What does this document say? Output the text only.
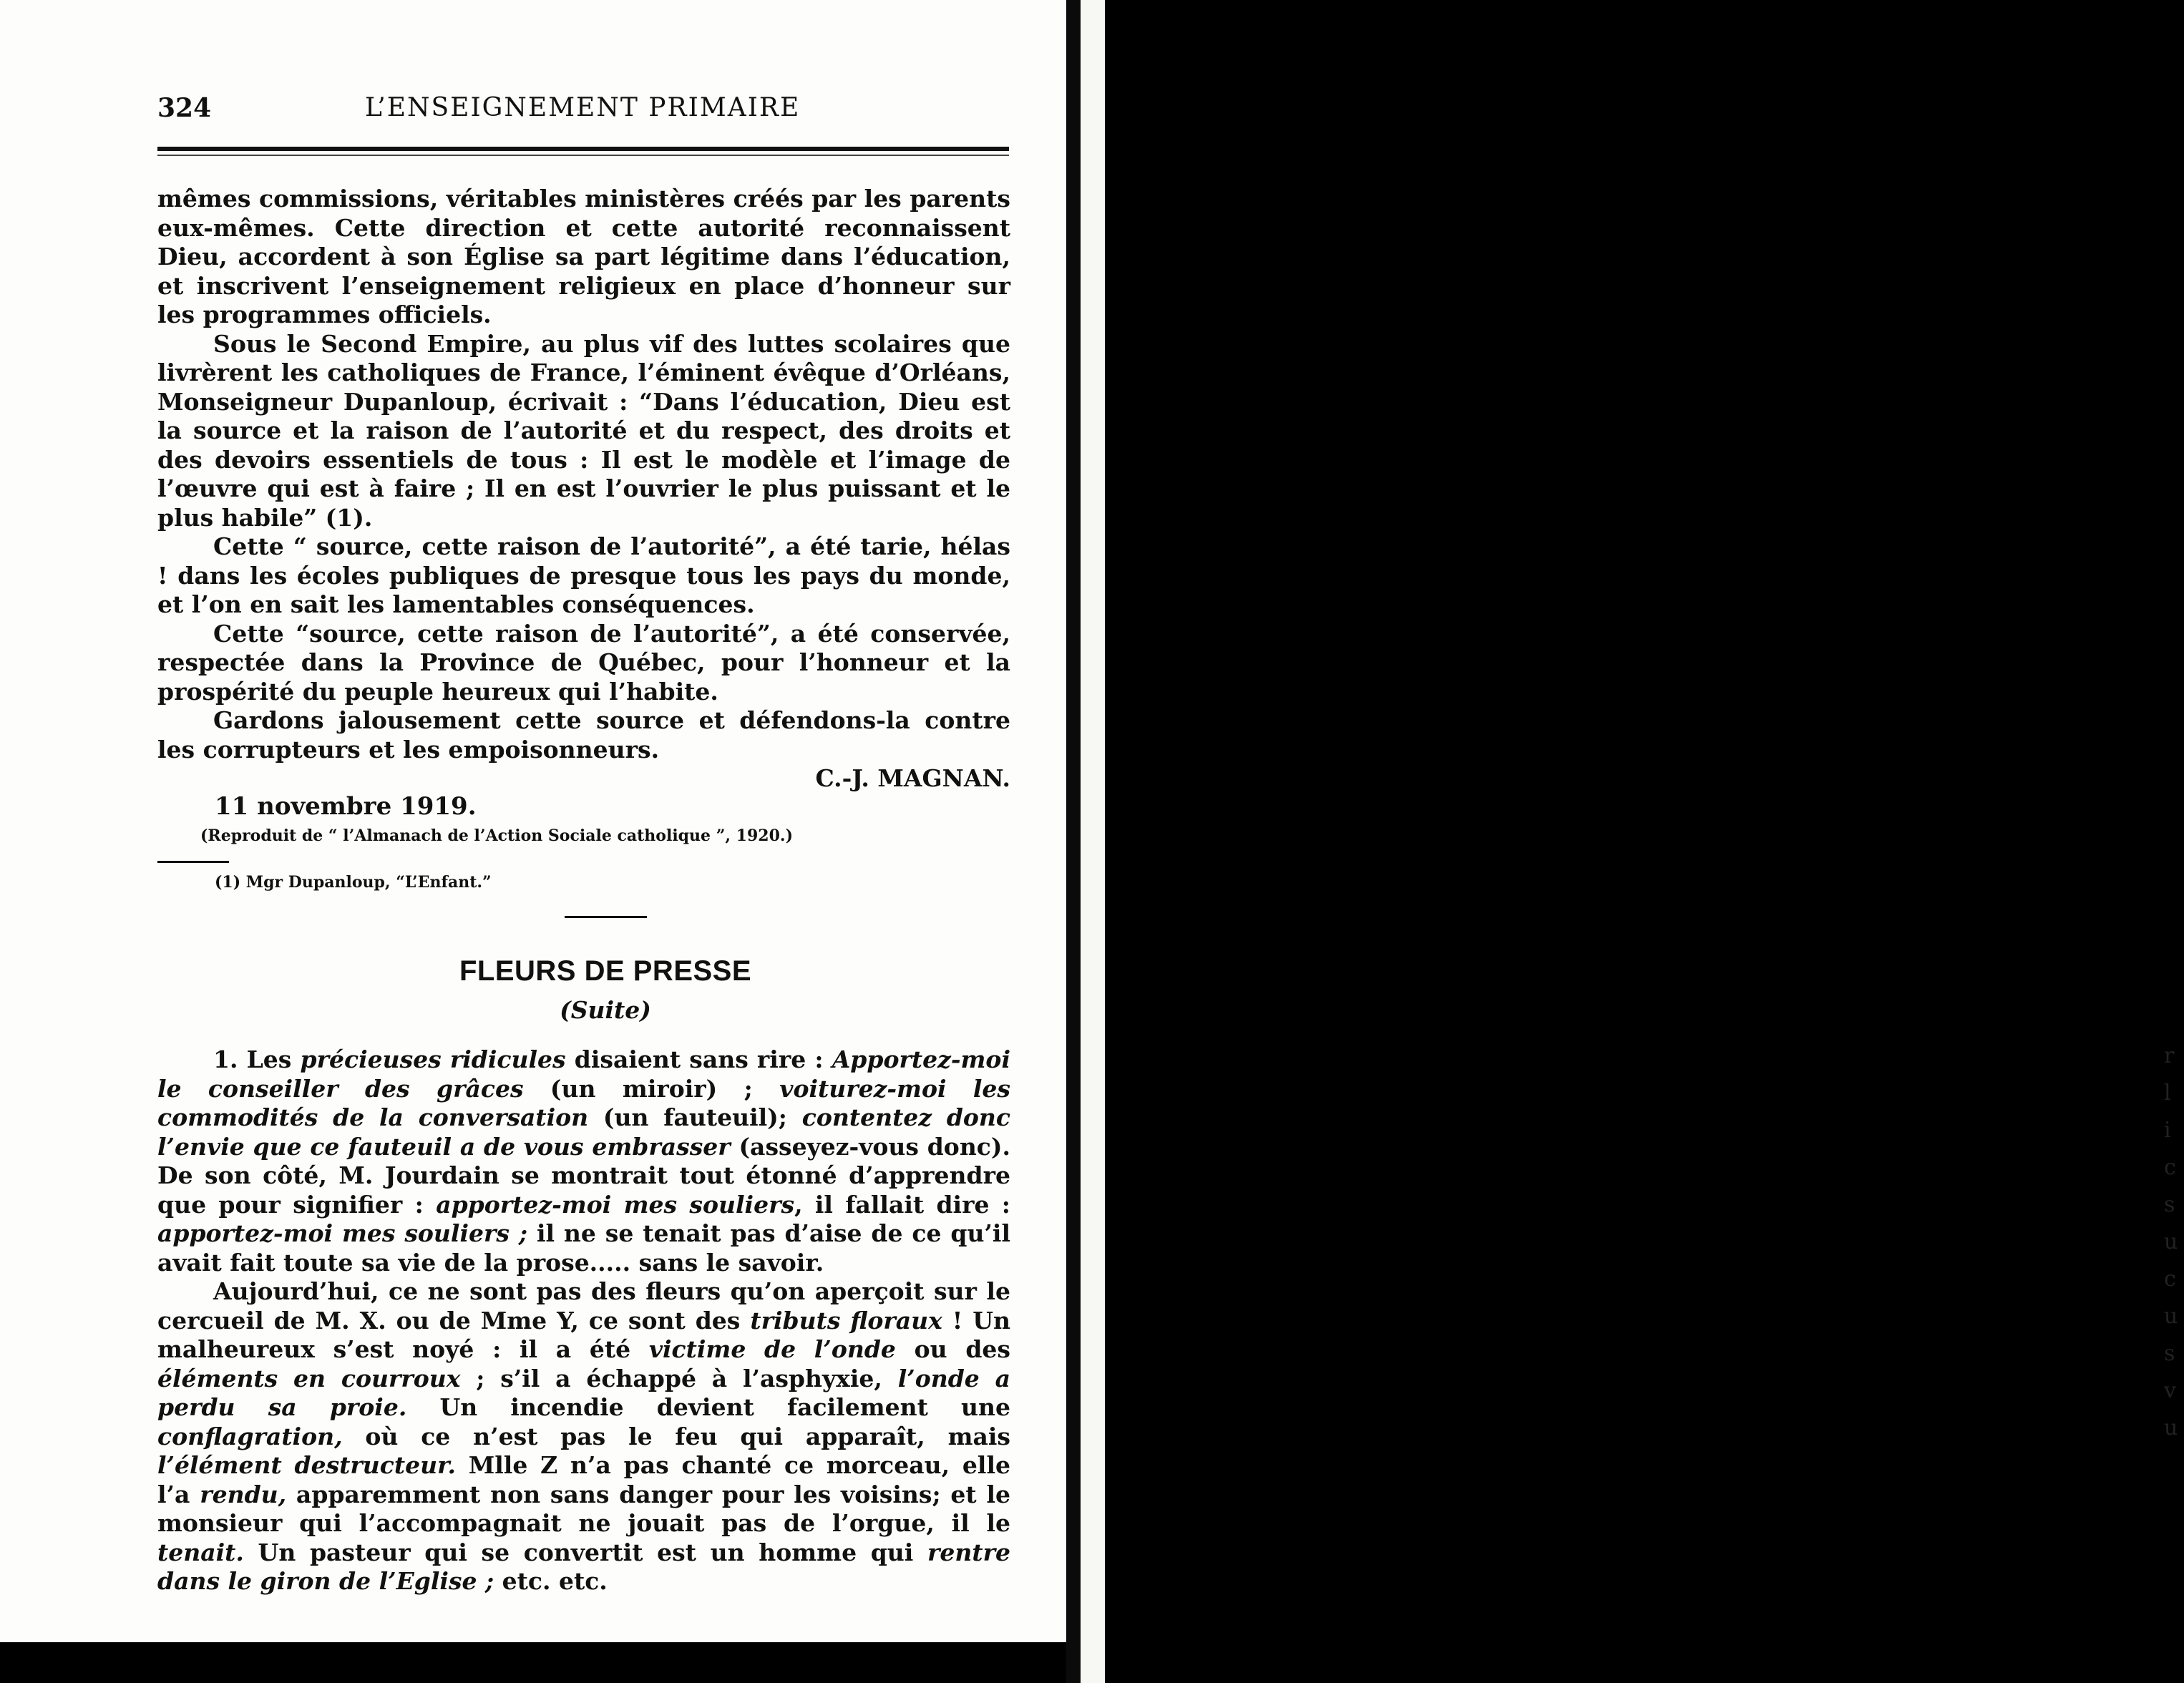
324	L’ENSEIGNEMENT PRIMAIRE

mêmes commissions, véritables ministères créés par les parents eux-mêmes. Cette direction et cette autorité reconnaissent Dieu, accordent à son Église sa part légitime dans l’éducation, et inscrivent l’enseignement religieux en place d’honneur sur les programmes officiels.

Sous le Second Empire, au plus vif des luttes scolaires que livrèrent les catholiques de France, l’éminent évêque d’Orléans, Monseigneur Dupanloup, écrivait : “Dans l’éducation, Dieu est la source et la raison de l’autorité et du respect, des droits et des devoirs essentiels de tous : Il est le modèle et l’image de l’œuvre qui est à faire ; Il en est l’ouvrier le plus puissant et le plus habile” (1).

Cette “ source, cette raison de l’autorité”, a été tarie, hélas ! dans les écoles publiques de presque tous les pays du monde, et l’on en sait les lamentables conséquences.

Cette “source, cette raison de l’autorité”, a été conservée, respectée dans la Province de Québec, pour l’honneur et la prospérité du peuple heureux qui l’habite.

Gardons jalousement cette source et défendons-la contre les corrupteurs et les empoisonneurs.

C.-J. MAGNAN.

11 novembre 1919.

(Reproduit de “ l’Almanach de l’Action Sociale catholique ”, 1920.)

(1) Mgr Dupanloup, “L’Enfant.”

FLEURS DE PRESSE
(Suite)

1. Les précieuses ridicules disaient sans rire : Apportez-moi le conseiller des grâces (un miroir) ; voiturez-moi les commodités de la conversation (un fauteuil); contentez donc l’envie que ce fauteuil a de vous embrasser (asseyez-vous donc). De son côté, M. Jourdain se montrait tout étonné d’apprendre que pour signifier : apportez-moi mes souliers, il fallait dire : apportez-moi mes souliers ; il ne se tenait pas d’aise de ce qu’il avait fait toute sa vie de la prose..... sans le savoir.

Aujourd’hui, ce ne sont pas des fleurs qu’on aperçoit sur le cercueil de M. X. ou de Mme Y, ce sont des tributs floraux ! Un malheureux s’est noyé : il a été victime de l’onde ou des éléments en courroux ; s’il a échappé à l’asphyxie, l’onde a perdu sa proie. Un incendie devient facilement une conflagration, où ce n’est pas le feu qui apparaît, mais l’élément destructeur. Mlle Z n’a pas chanté ce morceau, elle l’a rendu, apparemment non sans danger pour les voisins; et le monsieur qui l’accompagnait ne jouait pas de l’orgue, il le tenait. Un pasteur qui se convertit est un homme qui rentre dans le giron de l’Eglise ; etc. etc.

r
l
i
c
s
u
c
u
s
v
u
